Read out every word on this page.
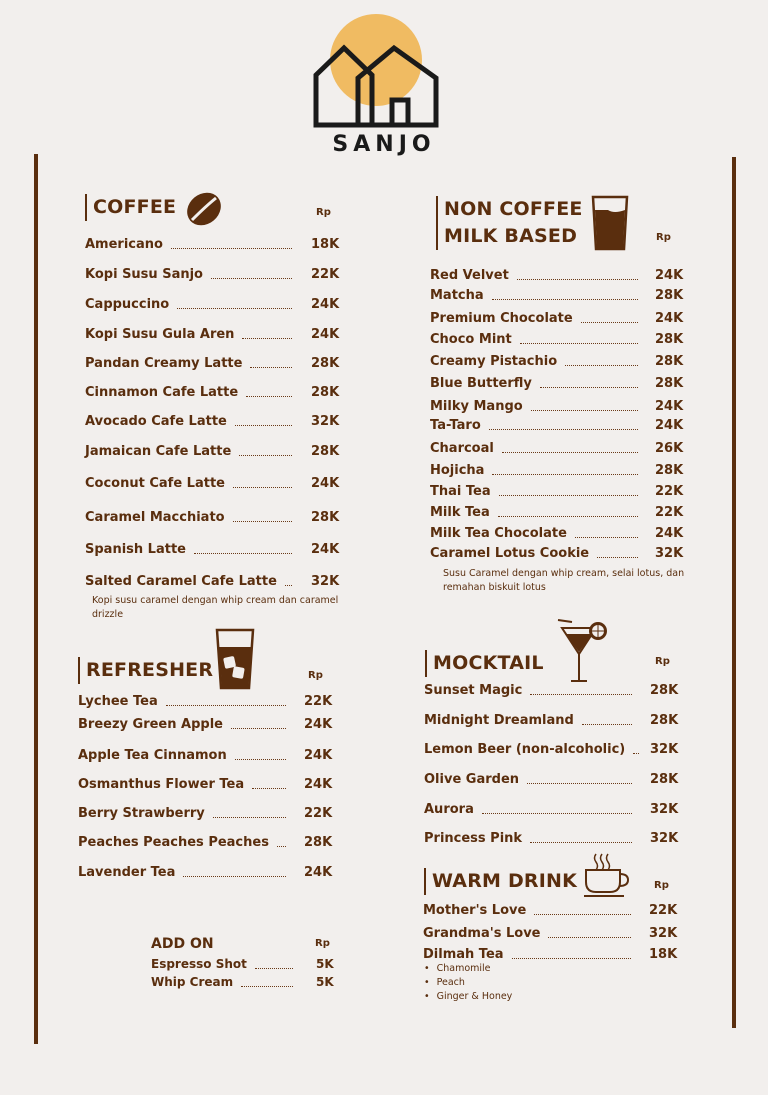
SANJO
COFFEE	Rp	NON COFFEE
MILK BASED	Rp
Americano	18K
Kopi Susu Sanjo	22K
Cappuccino	24K
Kopi Susu Gula Aren	24K
Pandan Creamy Latte	28K
Cinnamon Cafe Latte	28K
Avocado Cafe Latte	32K
Jamaican Cafe Latte	28K
Coconut Cafe Latte	24K
Caramel Macchiato	28K
Spanish Latte	24K
Salted Caramel Cafe Latte	32K
Kopi susu caramel dengan whip cream dan caramel
drizzle
Red Velvet	24K
Matcha	28K
Premium Chocolate	24K
Choco Mint	28K
Creamy Pistachio	28K
Blue Butterfly	28K
Milky Mango	24K
Ta-Taro	24K
Charcoal	26K
Hojicha	28K
Thai Tea	22K
Milk Tea	22K
Milk Tea Chocolate	24K
Caramel Lotus Cookie	32K
Susu Caramel dengan whip cream, selai lotus, dan
remahan biskuit lotus
REFRESHER	Rp
Lychee Tea	22K
Breezy Green Apple	24K
Apple Tea Cinnamon	24K
Osmanthus Flower Tea	24K
Berry Strawberry	22K
Peaches Peaches Peaches	28K
Lavender Tea	24K
MOCKTAIL	Rp
Sunset Magic	28K
Midnight Dreamland	28K
Lemon Beer (non-alcoholic) 32K
Olive Garden	28K
Aurora	32K
Princess Pink	32K
WARM DRINK	Rp
Mother's Love	22K
Grandma's Love	32K
Dilmah Tea	18K
• Chamomile
• Peach
• Ginger & Honey
ADD ON	Rp
Espresso Shot	5K
Whip Cream	5K
